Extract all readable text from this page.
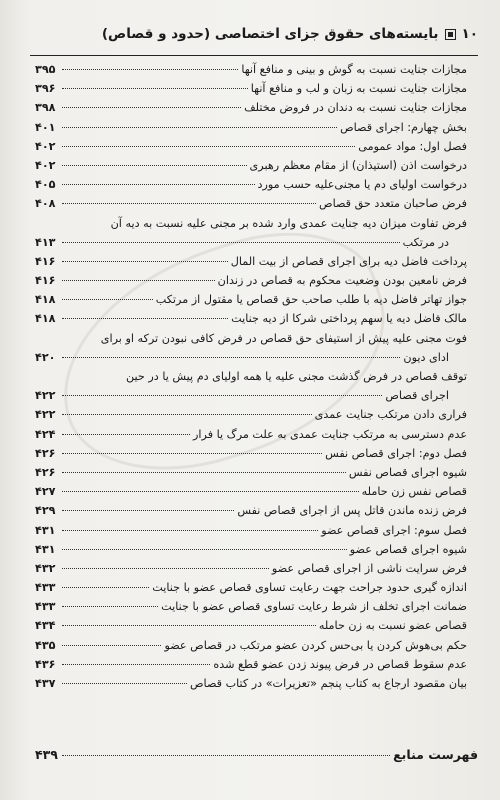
۱۰
بایسته‌های حقوق جزای اختصاصی (حدود و قصاص)
مجازات جنایت نسبت به گوش و بینی و منافع آنها
۳۹۵
مجازات جنایت نسبت به زبان و لب و منافع آنها
۳۹۶
مجازات جنایت نسبت به دندان در فروض مختلف
۳۹۸
بخش چهارم: اجرای قصاص
۴۰۱
فصل اول: مواد عمومی
۴۰۲
درخواست اذن (استیذان) از مقام معظم رهبری
۴۰۲
درخواست اولیای دم یا مجنی‌علیه حسب مورد
۴۰۵
فرض صاحبان متعدد حق قصاص
۴۰۸
فرض تفاوت میزان دیه جنایت عمدی وارد شده بر مجنی علیه نسبت به دیه آن
در مرتکب
۴۱۳
پرداخت فاضل دیه برای اجرای قصاص از بیت المال
۴۱۶
فرض نامعین بودن وضعیت محکوم به قصاص در زندان
۴۱۶
جواز تهاتر فاضل دیه با طلب صاحب حق قصاص یا مقتول از مرتکب
۴۱۸
مالک فاضل دیه یا سهم پرداختی شرکا از دیه جنایت
۴۱۸
فوت مجنی علیه پیش از استیفای حق قصاص در فرض کافی نبودن ترکه او برای
ادای دیون
۴۲۰
توقف قصاص در فرض گذشت مجنی علیه یا همه اولیای دم پیش یا در حین
اجرای قصاص
۴۲۲
فراری دادن مرتکب جنایت عمدی
۴۲۲
عدم دسترسی به مرتکب جنایت عمدی به علت مرگ یا فرار
۴۲۴
فصل دوم: اجرای قصاص نفس
۴۲۶
شیوه اجرای قصاص نفس
۴۲۶
قصاص نفس زن حامله
۴۲۷
فرض زنده ماندن قاتل پس از اجرای قصاص نفس
۴۲۹
فصل سوم: اجرای قصاص عضو
۴۳۱
شیوه اجرای قصاص عضو
۴۳۱
فرض سرایت ناشی از اجرای قصاص عضو
۴۳۲
اندازه گیری حدود جراحت جهت رعایت تساوی قصاص عضو با جنایت
۴۳۳
ضمانت اجرای تخلف از شرط رعایت تساوی قصاص عضو با جنایت
۴۳۳
قصاص عضو نسبت به زن حامله
۴۳۴
حکم بی‌هوش کردن یا بی‌حس کردن عضو مرتکب در قصاص عضو
۴۳۵
عدم سقوط قصاص در فرض پیوند زدن عضو قطع شده
۴۳۶
بیان مقصود ارجاع به کتاب پنجم «تعزیرات» در کتاب قصاص
۴۳۷
فهرست منابع
۴۳۹
